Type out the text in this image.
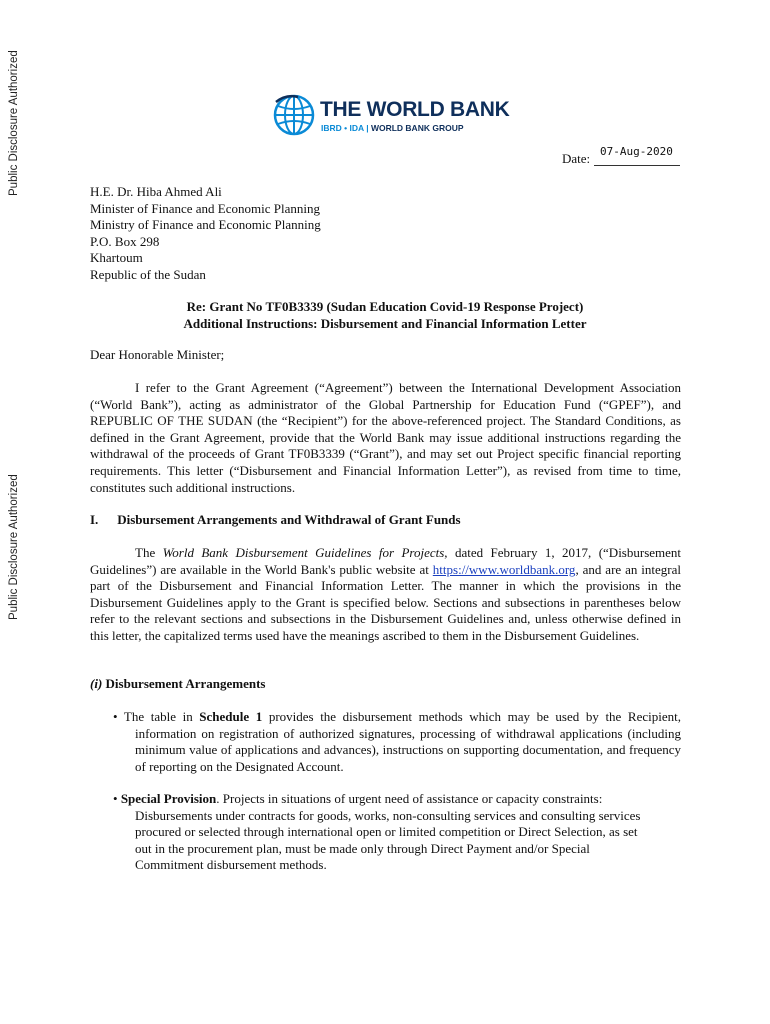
Public Disclosure Authorized
Public Disclosure Authorized
THE WORLD BANK
IBRD • IDA | WORLD BANK GROUP
Date: 07-Aug-2020
H.E. Dr. Hiba Ahmed Ali
Minister of Finance and Economic Planning
Ministry of Finance and Economic Planning
P.O. Box 298
Khartoum
Republic of the Sudan
Re: Grant No TF0B3339 (Sudan Education Covid-19 Response Project)
Additional Instructions: Disbursement and Financial Information Letter
Dear Honorable Minister;
I refer to the Grant Agreement (“Agreement”) between the International Development Association (“World Bank”), acting as administrator of the Global Partnership for Education Fund (“GPEF”), and REPUBLIC OF THE SUDAN (the “Recipient”) for the above-referenced project. The Standard Conditions, as defined in the Grant Agreement, provide that the World Bank may issue additional instructions regarding the withdrawal of the proceeds of Grant TF0B3339 (“Grant”), and may set out Project specific financial reporting requirements. This letter (“Disbursement and Financial Information Letter”), as revised from time to time, constitutes such additional instructions.
I. Disbursement Arrangements and Withdrawal of Grant Funds
The World Bank Disbursement Guidelines for Projects, dated February 1, 2017, (“Disbursement Guidelines”) are available in the World Bank's public website at https://www.worldbank.org, and are an integral part of the Disbursement and Financial Information Letter. The manner in which the provisions in the Disbursement Guidelines apply to the Grant is specified below. Sections and subsections in parentheses below refer to the relevant sections and subsections in the Disbursement Guidelines and, unless otherwise defined in this letter, the capitalized terms used have the meanings ascribed to them in the Disbursement Guidelines.
(i) Disbursement Arrangements
• The table in Schedule 1 provides the disbursement methods which may be used by the Recipient, information on registration of authorized signatures, processing of withdrawal applications (including minimum value of applications and advances), instructions on supporting documentation, and frequency of reporting on the Designated Account.
• Special Provision. Projects in situations of urgent need of assistance or capacity constraints:
Disbursements under contracts for goods, works, non-consulting services and consulting services
procured or selected through international open or limited competition or Direct Selection, as set
out in the procurement plan, must be made only through Direct Payment and/or Special
Commitment disbursement methods.
